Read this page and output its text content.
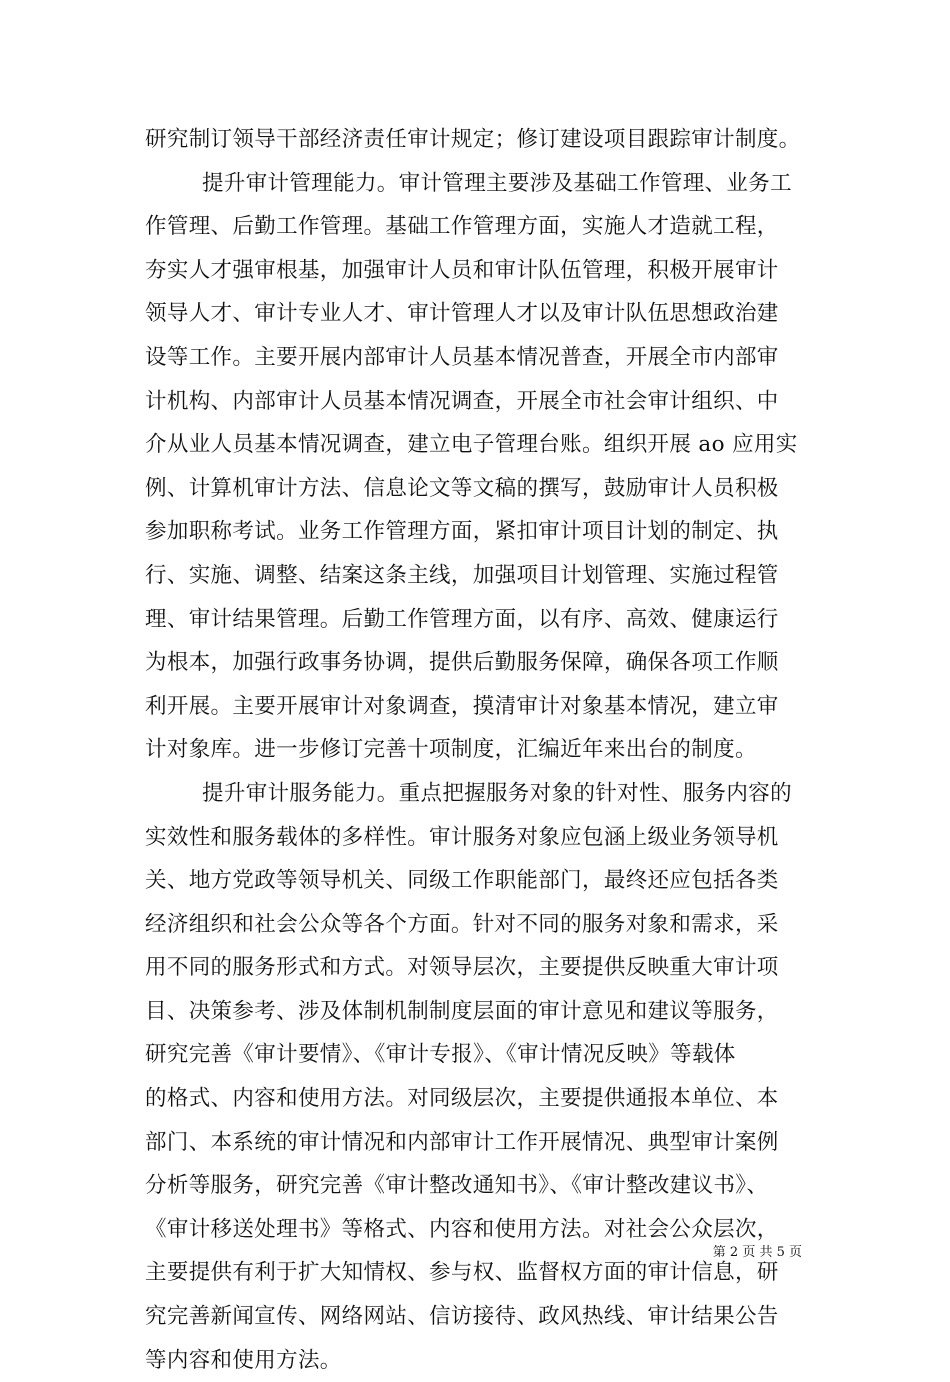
研究制订领导干部经济责任审计规定；修订建设项目跟踪审计制度。
提升审计管理能力。审计管理主要涉及基础工作管理、业务工
作管理、后勤工作管理。基础工作管理方面，实施人才造就工程，
夯实人才强审根基，加强审计人员和审计队伍管理，积极开展审计
领导人才、审计专业人才、审计管理人才以及审计队伍思想政治建
设等工作。主要开展内部审计人员基本情况普查，开展全市内部审
计机构、内部审计人员基本情况调查，开展全市社会审计组织、中
介从业人员基本情况调查，建立电子管理台账。组织开展 ao 应用实
例、计算机审计方法、信息论文等文稿的撰写，鼓励审计人员积极
参加职称考试。业务工作管理方面，紧扣审计项目计划的制定、执
行、实施、调整、结案这条主线，加强项目计划管理、实施过程管
理、审计结果管理。后勤工作管理方面，以有序、高效、健康运行
为根本，加强行政事务协调，提供后勤服务保障，确保各项工作顺
利开展。主要开展审计对象调查，摸清审计对象基本情况，建立审
计对象库。进一步修订完善十项制度，汇编近年来出台的制度。
提升审计服务能力。重点把握服务对象的针对性、服务内容的
实效性和服务载体的多样性。审计服务对象应包涵上级业务领导机
关、地方党政等领导机关、同级工作职能部门，最终还应包括各类
经济组织和社会公众等各个方面。针对不同的服务对象和需求，采
用不同的服务形式和方式。对领导层次，主要提供反映重大审计项
目、决策参考、涉及体制机制制度层面的审计意见和建议等服务，
研究完善《审计要情》、《审计专报》、《审计情况反映》等载体
的格式、内容和使用方法。对同级层次，主要提供通报本单位、本
部门、本系统的审计情况和内部审计工作开展情况、典型审计案例
分析等服务，研究完善《审计整改通知书》、《审计整改建议书》、
《审计移送处理书》等格式、内容和使用方法。对社会公众层次，
主要提供有利于扩大知情权、参与权、监督权方面的审计信息，研
究完善新闻宣传、网络网站、信访接待、政风热线、审计结果公告
等内容和使用方法。
第 2 页 共 5 页
